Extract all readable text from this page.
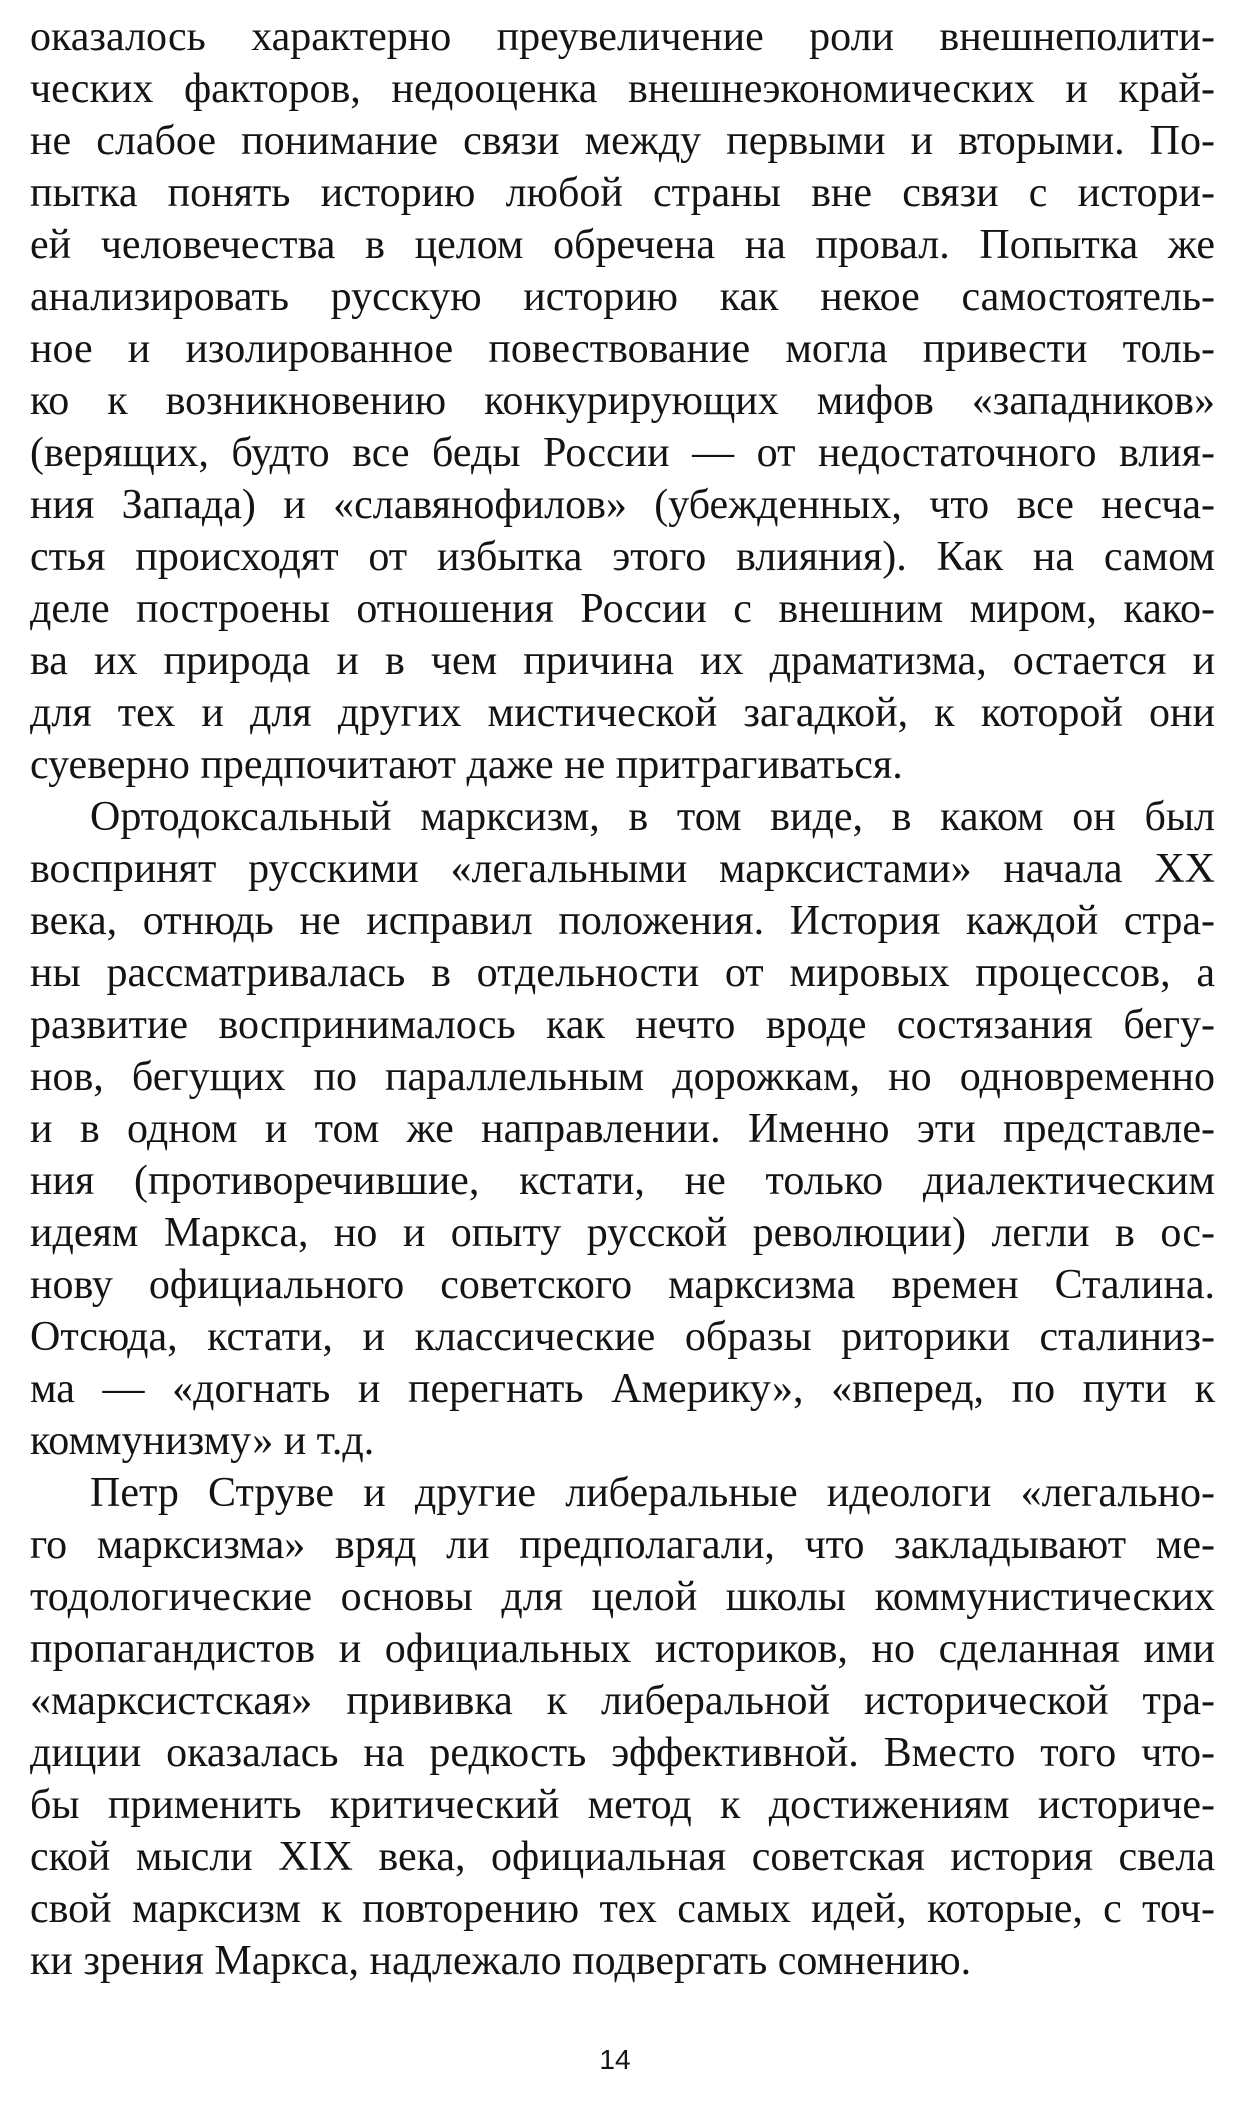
оказалось характерно преувеличение роли внешнеполити-
ческих факторов, недооценка внешнеэкономических и край-
не слабое понимание связи между первыми и вторыми. По-
пытка понять историю любой страны вне связи с истори-
ей человечества в целом обречена на провал. Попытка же
анализировать русскую историю как некое самостоятель-
ное и изолированное повествование могла привести толь-
ко к возникновению конкурирующих мифов «западников»
(верящих, будто все беды России — от недостаточного влия-
ния Запада) и «славянофилов» (убежденных, что все несча-
стья происходят от избытка этого влияния). Как на самом
деле построены отношения России с внешним миром, како-
ва их природа и в чем причина их драматизма, остается и
для тех и для других мистической загадкой, к которой они
суеверно предпочитают даже не притрагиваться.
Ортодоксальный марксизм, в том виде, в каком он был
воспринят русскими «легальными марксистами» начала XX
века, отнюдь не исправил положения. История каждой стра-
ны рассматривалась в отдельности от мировых процессов, а
развитие воспринималось как нечто вроде состязания бегу-
нов, бегущих по параллельным дорожкам, но одновременно
и в одном и том же направлении. Именно эти представле-
ния (противоречившие, кстати, не только диалектическим
идеям Маркса, но и опыту русской революции) легли в ос-
нову официального советского марксизма времен Сталина.
Отсюда, кстати, и классические образы риторики сталиниз-
ма — «догнать и перегнать Америку», «вперед, по пути к
коммунизму» и т.д.
Петр Струве и другие либеральные идеологи «легально-
го марксизма» вряд ли предполагали, что закладывают ме-
тодологические основы для целой школы коммунистических
пропагандистов и официальных историков, но сделанная ими
«марксистская» прививка к либеральной исторической тра-
диции оказалась на редкость эффективной. Вместо того что-
бы применить критический метод к достижениям историче-
ской мысли XIX века, официальная советская история свела
свой марксизм к повторению тех самых идей, которые, с точ-
ки зрения Маркса, надлежало подвергать сомнению.
14
